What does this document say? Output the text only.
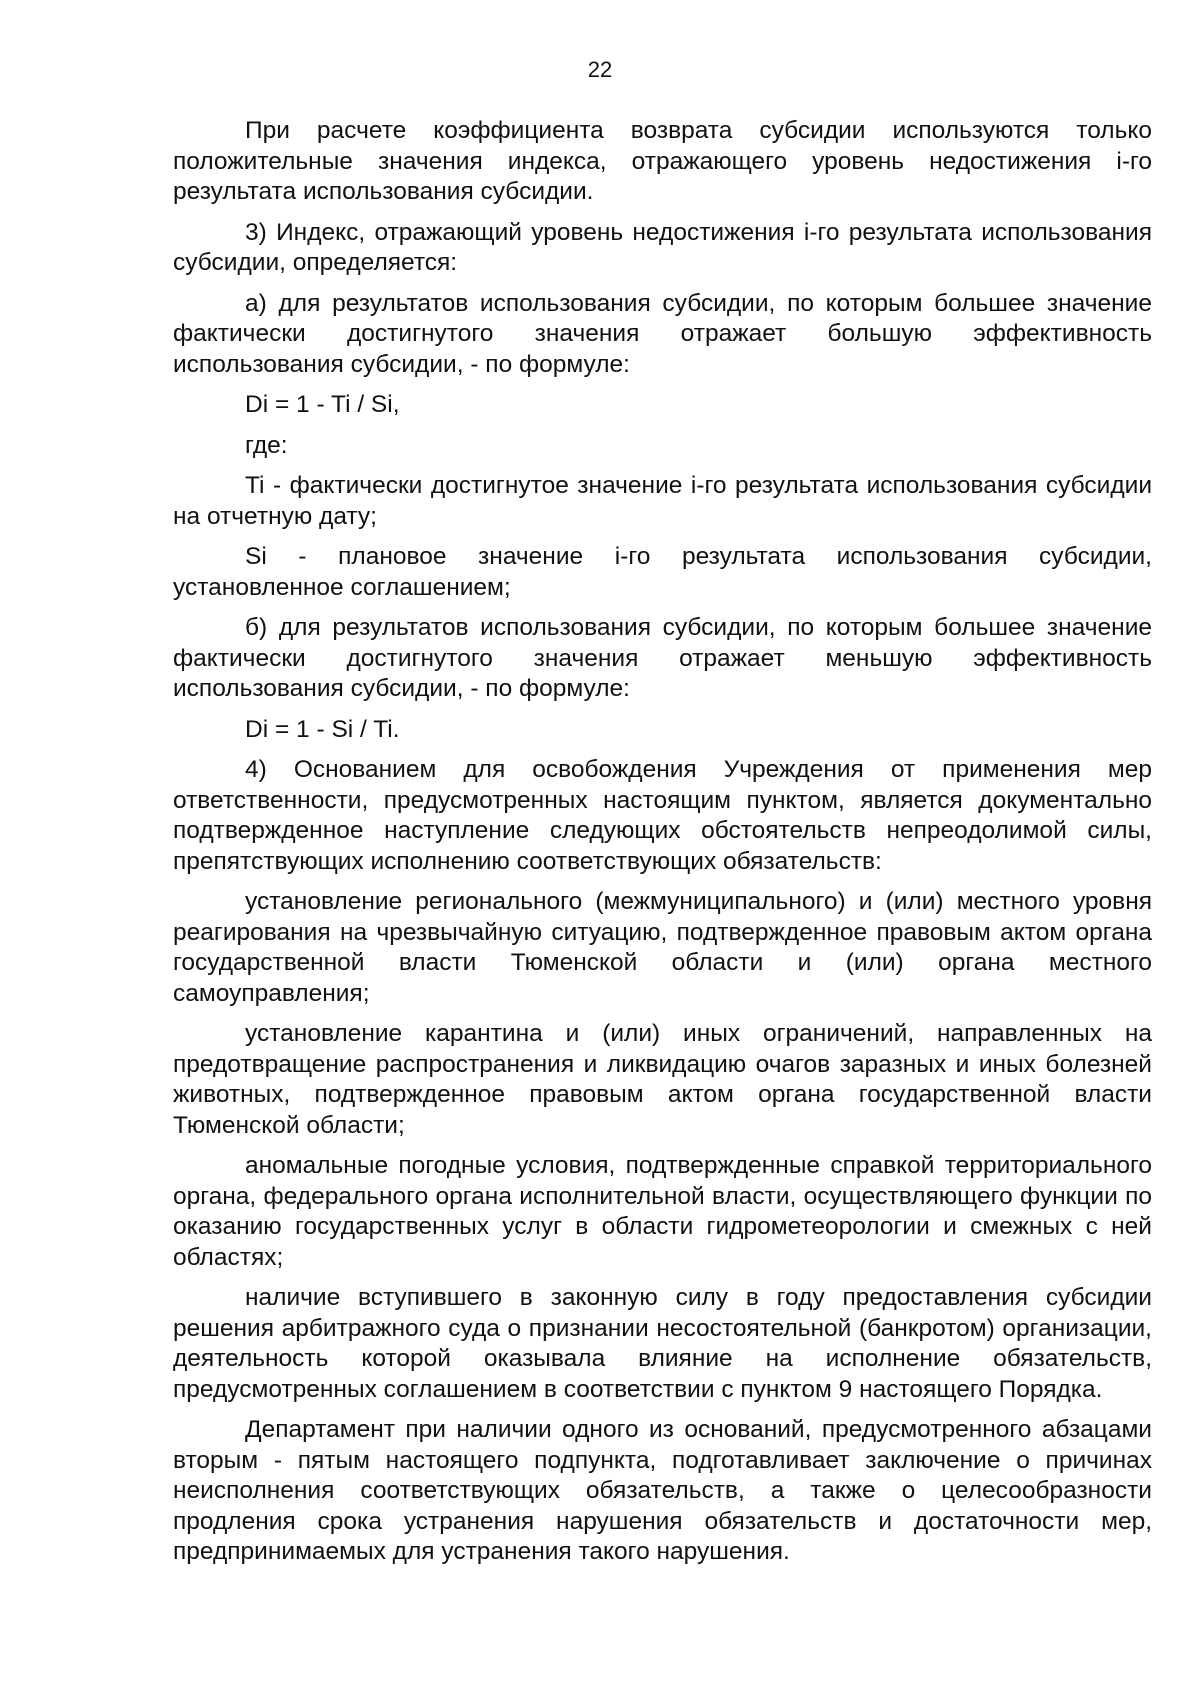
22

При расчете коэффициента возврата субсидии используются только положительные значения индекса, отражающего уровень недостижения i-го результата использования субсидии.

3) Индекс, отражающий уровень недостижения i-го результата использования субсидии, определяется:

а) для результатов использования субсидии, по которым большее значение фактически достигнутого значения отражает большую эффективность использования субсидии, - по формуле:

Di = 1 - Ti / Si,

где:

Ti - фактически достигнутое значение i-го результата использования субсидии на отчетную дату;

Si - плановое значение i-го результата использования субсидии, установленное соглашением;

б) для результатов использования субсидии, по которым большее значение фактически достигнутого значения отражает меньшую эффективность использования субсидии, - по формуле:

Di = 1 - Si / Ti.

4) Основанием для освобождения Учреждения от применения мер ответственности, предусмотренных настоящим пунктом, является документально подтвержденное наступление следующих обстоятельств непреодолимой силы, препятствующих исполнению соответствующих обязательств:

установление регионального (межмуниципального) и (или) местного уровня реагирования на чрезвычайную ситуацию, подтвержденное правовым актом органа государственной власти Тюменской области и (или) органа местного самоуправления;

установление карантина и (или) иных ограничений, направленных на предотвращение распространения и ликвидацию очагов заразных и иных болезней животных, подтвержденное правовым актом органа государственной власти Тюменской области;

аномальные погодные условия, подтвержденные справкой территориального органа, федерального органа исполнительной власти, осуществляющего функции по оказанию государственных услуг в области гидрометеорологии и смежных с ней областях;

наличие вступившего в законную силу в году предоставления субсидии решения арбитражного суда о признании несостоятельной (банкротом) организации, деятельность которой оказывала влияние на исполнение обязательств, предусмотренных соглашением в соответствии с пунктом 9 настоящего Порядка.

Департамент при наличии одного из оснований, предусмотренного абзацами вторым - пятым настоящего подпункта, подготавливает заключение о причинах неисполнения соответствующих обязательств, а также о целесообразности продления срока устранения нарушения обязательств и достаточности мер, предпринимаемых для устранения такого нарушения.
